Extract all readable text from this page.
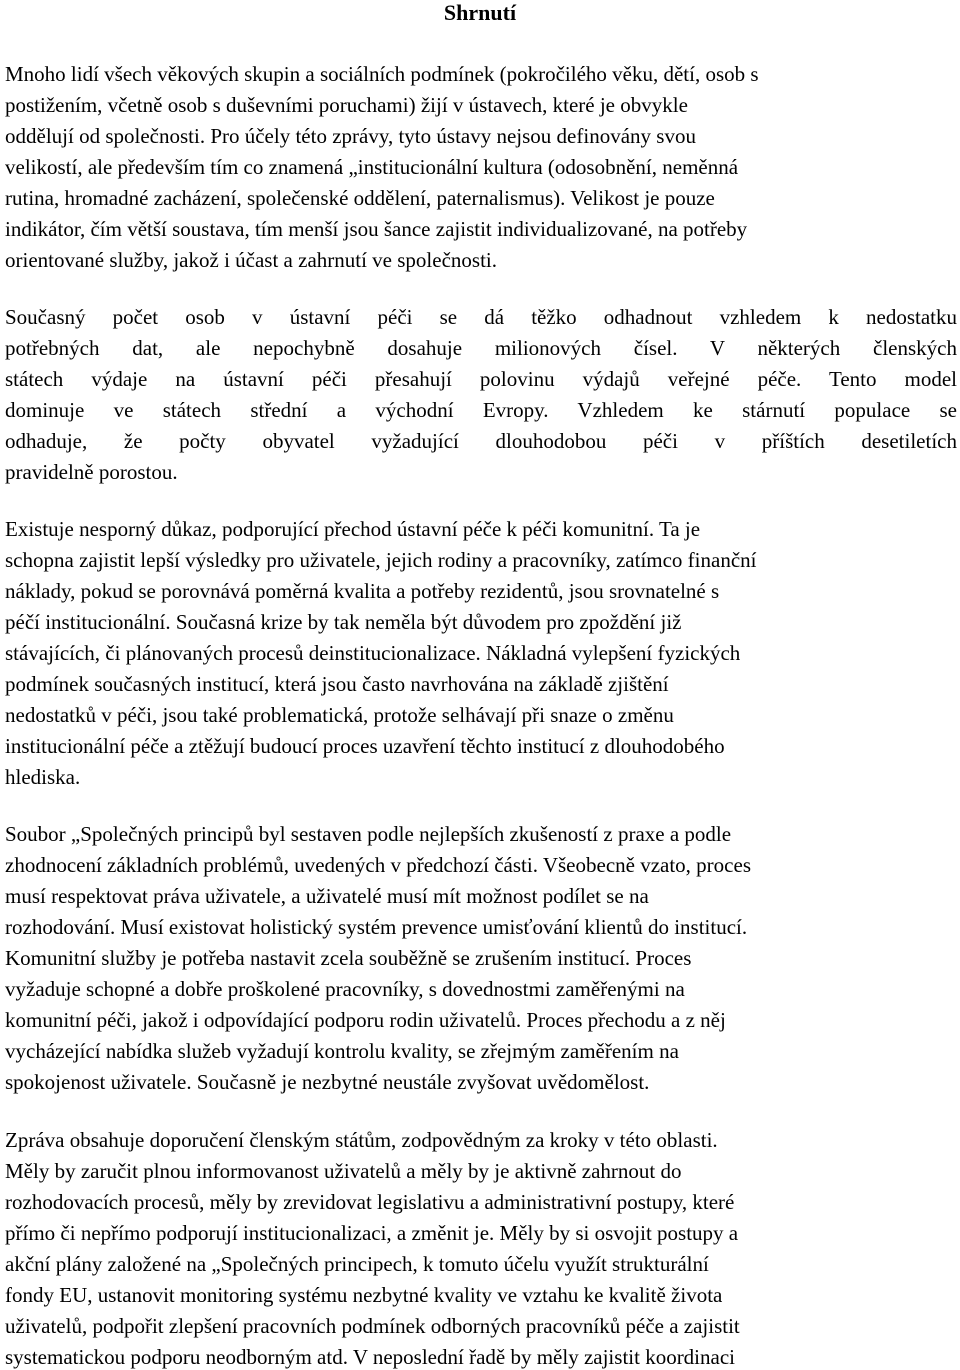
Shrnutí
Mnoho lidí všech věkových skupin a sociálních podmínek (pokročilého věku, dětí, osob s
postižením, včetně osob s duševními poruchami) žijí v ústavech, které je obvykle
oddělují od společnosti. Pro účely této zprávy, tyto ústavy nejsou definovány svou
velikostí, ale především tím co znamená „institucionální kultura (odosobnění, neměnná
rutina, hromadné zacházení, společenské oddělení, paternalismus). Velikost je pouze
indikátor, čím větší soustava, tím menší jsou šance zajistit individualizované, na potřeby
orientované služby, jakož i účast a zahrnutí ve společnosti.
Současný počet osob v ústavní péči se dá těžko odhadnout vzhledem k nedostatku
potřebných dat, ale nepochybně dosahuje milionových čísel. V některých členských
státech výdaje na ústavní péči přesahují polovinu výdajů veřejné péče. Tento model
dominuje ve státech střední a východní Evropy. Vzhledem ke stárnutí populace se
odhaduje, že počty obyvatel vyžadující dlouhodobou péči v příštích desetiletích
pravidelně porostou.
Existuje nesporný důkaz, podporující přechod ústavní péče k péči komunitní. Ta je
schopna zajistit lepší výsledky pro uživatele, jejich rodiny a pracovníky, zatímco finanční
náklady, pokud se porovnává poměrná kvalita a potřeby rezidentů, jsou srovnatelné s
péčí institucionální. Současná krize by tak neměla být důvodem pro zpoždění již
stávajících, či plánovaných procesů deinstitucionalizace. Nákladná vylepšení fyzických
podmínek současných institucí, která jsou často navrhována na základě zjištění
nedostatků v péči, jsou také problematická, protože selhávají při snaze o změnu
institucionální péče a ztěžují budoucí proces uzavření těchto institucí z dlouhodobého
hlediska.
Soubor „Společných principů byl sestaven podle nejlepších zkušeností z praxe a podle
zhodnocení základních problémů, uvedených v předchozí části. Všeobecně vzato, proces
musí respektovat práva uživatele, a uživatelé musí mít možnost podílet se na
rozhodování. Musí existovat holistický systém prevence umisťování klientů do institucí.
Komunitní služby je potřeba nastavit zcela souběžně se zrušením institucí. Proces
vyžaduje schopné a dobře proškolené pracovníky, s dovednostmi zaměřenými na
komunitní péči, jakož i odpovídající podporu rodin uživatelů. Proces přechodu a z něj
vycházející nabídka služeb vyžadují kontrolu kvality, se zřejmým zaměřením na
spokojenost uživatele. Současně je nezbytné neustále zvyšovat uvědomělost.
Zpráva obsahuje doporučení členským státům, zodpovědným za kroky v této oblasti.
Měly by zaručit plnou informovanost uživatelů a měly by je aktivně zahrnout do
rozhodovacích procesů, měly by zrevidovat legislativu a administrativní postupy, které
přímo či nepřímo podporují institucionalizaci, a změnit je. Měly by si osvojit postupy a
akční plány založené na „Společných principech, k tomuto účelu využít strukturální
fondy EU, ustanovit monitoring systému nezbytné kvality ve vztahu ke kvalitě života
uživatelů, podpořit zlepšení pracovních podmínek odborných pracovníků péče a zajistit
systematickou podporu neodborným atd. V neposlední řadě by měly zajistit koordinaci
